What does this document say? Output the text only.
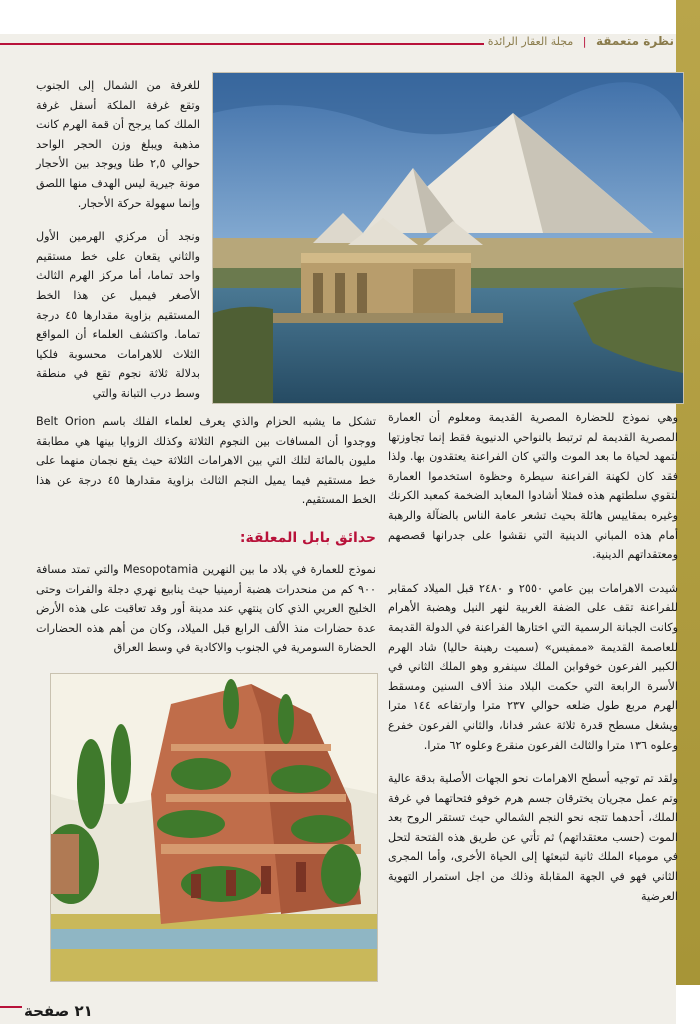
نظرة متعمقة | مجلة العقار الرائدة

للغرفة من الشمال إلى الجنوب وتقع غرفة الملكة أسفل غرفة الملك كما يرجح أن قمة الهرم كانت مذهبة ويبلغ وزن الحجر الواحد حوالي ٢,٥ طنا ويوجد بين الأحجار مونة جيرية ليس الهدف منها اللصق وإنما سهولة حركة الأحجار.

ونجد أن مركزي الهرمين الأول والثاني يقعان على خط مستقيم واحد تماما، أما مركز الهرم الثالث الأصغر فيميل عن هذا الخط المستقيم بزاوية مقدارها ٤٥ درجة تماما. واكتشف العلماء أن المواقع الثلاث للاهرامات محسوبة فلكيا بدلالة ثلاثة نجوم تقع في منطقة وسط درب التبانة والتي

وهي نموذج للحضارة المصرية القديمة ومعلوم أن العمارة المصرية القديمة لم ترتبط بالنواحي الدنيوية فقط إنما تجاوزتها لتمهد لحياة ما بعد الموت والتي كان الفراعنة يعتقدون بها. ولذا فقد كان لكهنة الفراعنة سيطرة وحظوة استخدموا العمارة لتقوي سلطتهم هذه فمثلا أشادوا المعابد الضخمة كمعبد الكرنك وغيره بمقاييس هائلة بحيث تشعر عامة الناس بالضآلة والرهبة أمام هذه المباني الدينية التي نقشوا على جدرانها قصصهم ومعتقداتهم الدينية.

شيدت الاهرامات بين عامي ٢٥٥٠ و ٢٤٨٠ قبل الميلاد كمقابر للفراعنة تقف على الضفة الغربية لنهر النيل وهضبة الأهرام وكانت الجبانة الرسمية التي اختارها الفراعنة في الدولة القديمة للعاصمة القديمة «ممفيس» (سميت رهينة حاليا) شاد الهرم الكبير الفرعون خوفوابن الملك سينفرو وهو الملك الثاني في الأسرة الرابعة التي حكمت البلاد منذ ألاف السنين ومسقط الهرم مربع طول ضلعه حوالي ٢٣٧ مترا وارتفاعه ١٤٤ مترا ويشغل مسطح قدرة ثلاثة عشر فدانا، والثاني الفرعون خفرع وعلوه ١٣٦ مترا والثالث الفرعون منقرع وعلوه ٦٢ مترا.

ولقد تم توجيه أسطح الاهرامات نحو الجهات الأصلية بدقة عالية وتم عمل مجريان يخترقان جسم هرم خوفو فتحاتهما في غرفة الملك، أحدهما تتجه نحو النجم الشمالي حيث تستقر الروح بعد الموت (حسب معتقداتهم) ثم تأتي عن طريق هذه الفتحة لتحل في مومياء الملك ثانية لتبعثها إلى الحياة الأخرى، وأما المجرى الثاني فهو في الجهة المقابلة وذلك من اجل استمرار التهوية العرضية

تشكل ما يشبه الحزام والذي يعرف لعلماء الفلك باسم Belt Orion ووجدوا أن المسافات بين النجوم الثلاثة وكذلك الزوايا بينها هي مطابقة مليون بالمائة لتلك التي بين الاهرامات الثلاثة حيث يقع نجمان منهما على خط مستقيم فيما يميل النجم الثالث بزاوية مقدارها ٤٥ درجة عن هذا الخط المستقيم.

حدائق بابل المعلقة:

نموذج للعمارة في بلاد ما بين النهرين Mesopotamia والتي تمتد مسافة ٩٠٠ كم من منحدرات هضبة أرمينيا حيث ينابيع نهري دجلة والفرات وحتى الخليج العربي الذي كان ينتهي عند مدينة أور وقد تعاقبت على هذه الأرض عدة حضارات منذ الألف الرابع قبل الميلاد، وكان من أهم هذه الحضارات الحضارة السومرية في الجنوب والاكادية في وسط العراق

٢١ صفحة
